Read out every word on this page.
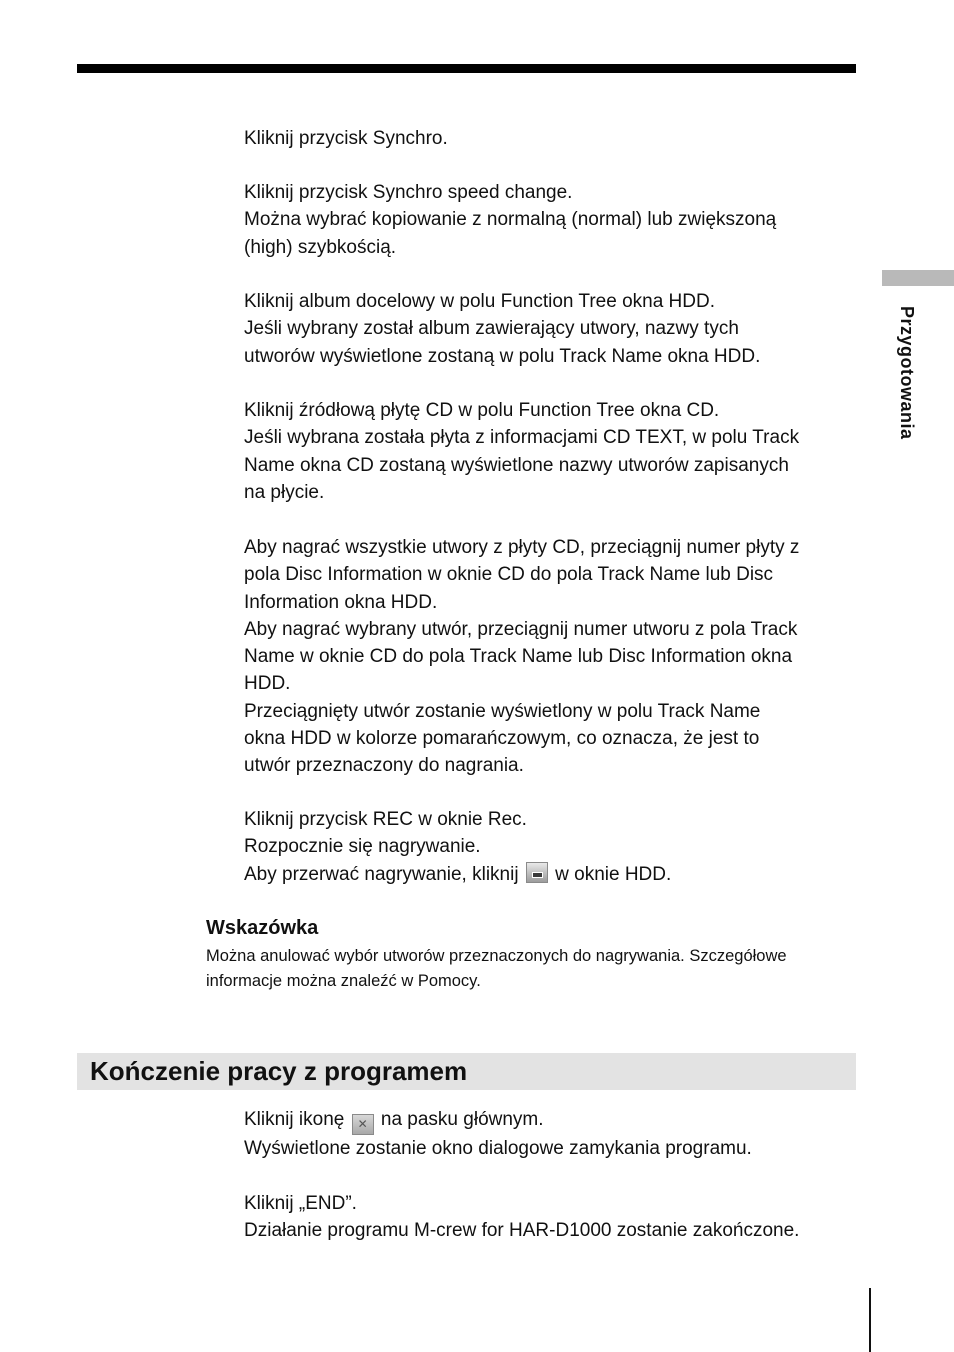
Przygotowania

Kliknij przycisk Synchro.

Kliknij przycisk Synchro speed change.

Można wybrać kopiowanie z normalną (normal) lub zwiększoną

(high) szybkością.

Kliknij album docelowy w polu Function Tree okna HDD.

Jeśli wybrany został album zawierający utwory, nazwy tych

utworów wyświetlone zostaną w polu Track Name okna HDD.

Kliknij źródłową płytę CD w polu Function Tree okna CD.

Jeśli wybrana została płyta z informacjami CD TEXT, w polu Track

Name okna CD zostaną wyświetlone nazwy utworów zapisanych

na płycie.

Aby nagrać wszystkie utwory z płyty CD, przeciągnij numer płyty z

pola Disc Information w oknie CD do pola Track Name lub Disc

Information okna HDD.

Aby nagrać wybrany utwór, przeciągnij numer utworu z pola Track

Name w oknie CD do pola Track Name lub Disc Information okna

HDD.

Przeciągnięty utwór zostanie wyświetlony w polu Track Name

okna HDD w kolorze pomarańczowym, co oznacza, że jest to

utwór przeznaczony do nagrania.

Kliknij przycisk REC w oknie Rec.

Rozpocznie się nagrywanie.

Aby przerwać nagrywanie, kliknij w oknie HDD.

Wskazówka

Można anulować wybór utworów przeznaczonych do nagrywania. Szczegółowe

informacje można znaleźć w Pomocy.

Kończenie pracy z programem

Kliknij ikonę ✕ na pasku głównym.

Wyświetlone zostanie okno dialogowe zamykania programu.

Kliknij „END”.

Działanie programu M-crew for HAR-D1000 zostanie zakończone.
